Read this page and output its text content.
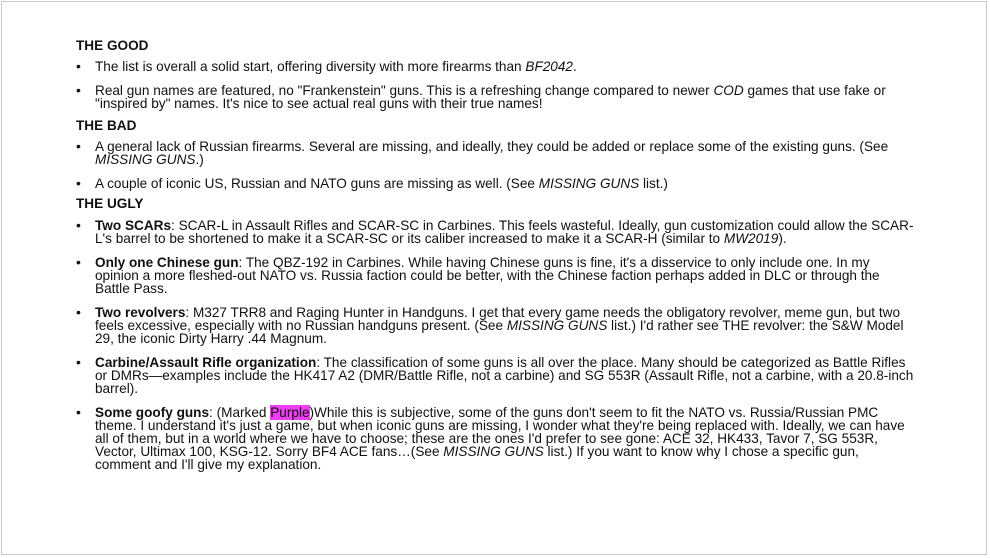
THE GOOD
• The list is overall a solid start, offering diversity with more firearms than BF2042.
• Real gun names are featured, no "Frankenstein" guns. This is a refreshing change compared to newer COD games that use fake or "inspired by" names. It's nice to see actual real guns with their true names!
THE BAD
• A general lack of Russian firearms. Several are missing, and ideally, they could be added or replace some of the existing guns. (See MISSING GUNS.)
• A couple of iconic US, Russian and NATO guns are missing as well. (See MISSING GUNS list.)
THE UGLY
• Two SCARs: SCAR-L in Assault Rifles and SCAR-SC in Carbines. This feels wasteful. Ideally, gun customization could allow the SCAR-L's barrel to be shortened to make it a SCAR-SC or its caliber increased to make it a SCAR-H (similar to MW2019).
• Only one Chinese gun: The QBZ-192 in Carbines. While having Chinese guns is fine, it's a disservice to only include one. In my opinion a more fleshed-out NATO vs. Russia faction could be better, with the Chinese faction perhaps added in DLC or through the Battle Pass.
• Two revolvers: M327 TRR8 and Raging Hunter in Handguns. I get that every game needs the obligatory revolver, meme gun, but two feels excessive, especially with no Russian handguns present. (See MISSING GUNS list.) I'd rather see THE revolver: the S&W Model 29, the iconic Dirty Harry .44 Magnum.
• Carbine/Assault Rifle organization: The classification of some guns is all over the place. Many should be categorized as Battle Rifles or DMRs—examples include the HK417 A2 (DMR/Battle Rifle, not a carbine) and SG 553R (Assault Rifle, not a carbine, with a 20.8-inch barrel).
• Some goofy guns: (Marked Purple)While this is subjective, some of the guns don't seem to fit the NATO vs. Russia/Russian PMC theme. I understand it's just a game, but when iconic guns are missing, I wonder what they're being replaced with. Ideally, we can have all of them, but in a world where we have to choose; these are the ones I'd prefer to see gone: ACE 32, HK433, Tavor 7, SG 553R, Vector, Ultimax 100, KSG-12. Sorry BF4 ACE fans…(See MISSING GUNS list.) If you want to know why I chose a specific gun, comment and I'll give my explanation.
